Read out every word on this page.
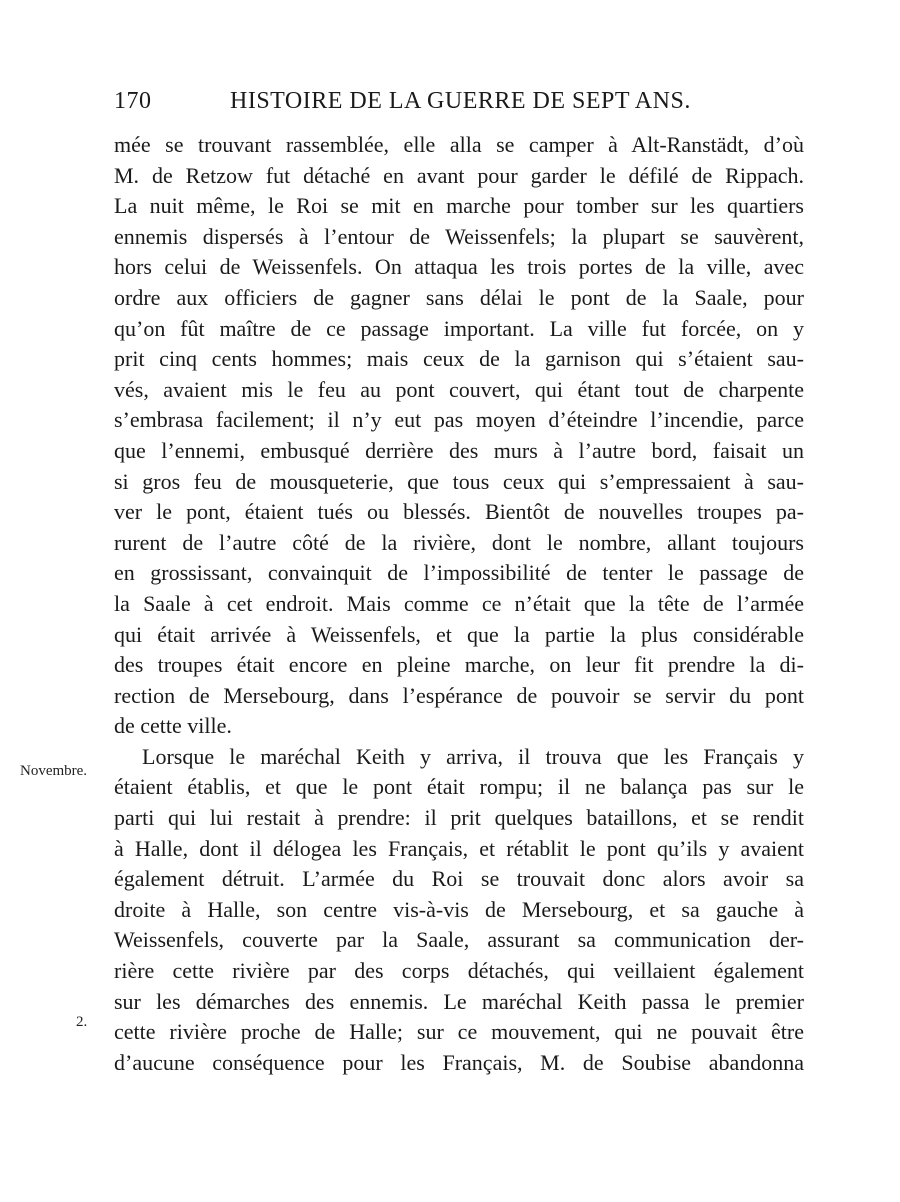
170	HISTOIRE DE LA GUERRE DE SEPT ANS.
Novembre.
2.
mée se trouvant rassemblée, elle alla se camper à Alt-Ranstädt, d’où
M. de Retzow fut détaché en avant pour garder le défilé de Rippach.
La nuit même, le Roi se mit en marche pour tomber sur les quartiers
ennemis dispersés à l’entour de Weissenfels; la plupart se sauvèrent,
hors celui de Weissenfels. On attaqua les trois portes de la ville, avec
ordre aux officiers de gagner sans délai le pont de la Saale, pour
qu’on fût maître de ce passage important. La ville fut forcée, on y
prit cinq cents hommes; mais ceux de la garnison qui s’étaient sau-
vés, avaient mis le feu au pont couvert, qui étant tout de charpente
s’embrasa facilement; il n’y eut pas moyen d’éteindre l’incendie, parce
que l’ennemi, embusqué derrière des murs à l’autre bord, faisait un
si gros feu de mousqueterie, que tous ceux qui s’empressaient à sau-
ver le pont, étaient tués ou blessés. Bientôt de nouvelles troupes pa-
rurent de l’autre côté de la rivière, dont le nombre, allant toujours
en grossissant, convainquit de l’impossibilité de tenter le passage de
la Saale à cet endroit. Mais comme ce n’était que la tête de l’armée
qui était arrivée à Weissenfels, et que la partie la plus considérable
des troupes était encore en pleine marche, on leur fit prendre la di-
rection de Mersebourg, dans l’espérance de pouvoir se servir du pont
de cette ville.
Lorsque le maréchal Keith y arriva, il trouva que les Français y
étaient établis, et que le pont était rompu; il ne balança pas sur le
parti qui lui restait à prendre: il prit quelques bataillons, et se rendit
à Halle, dont il délogea les Français, et rétablit le pont qu’ils y avaient
également détruit. L’armée du Roi se trouvait donc alors avoir sa
droite à Halle, son centre vis-à-vis de Mersebourg, et sa gauche à
Weissenfels, couverte par la Saale, assurant sa communication der-
rière cette rivière par des corps détachés, qui veillaient également
sur les démarches des ennemis. Le maréchal Keith passa le premier
cette rivière proche de Halle; sur ce mouvement, qui ne pouvait être
d’aucune conséquence pour les Français, M. de Soubise abandonna
